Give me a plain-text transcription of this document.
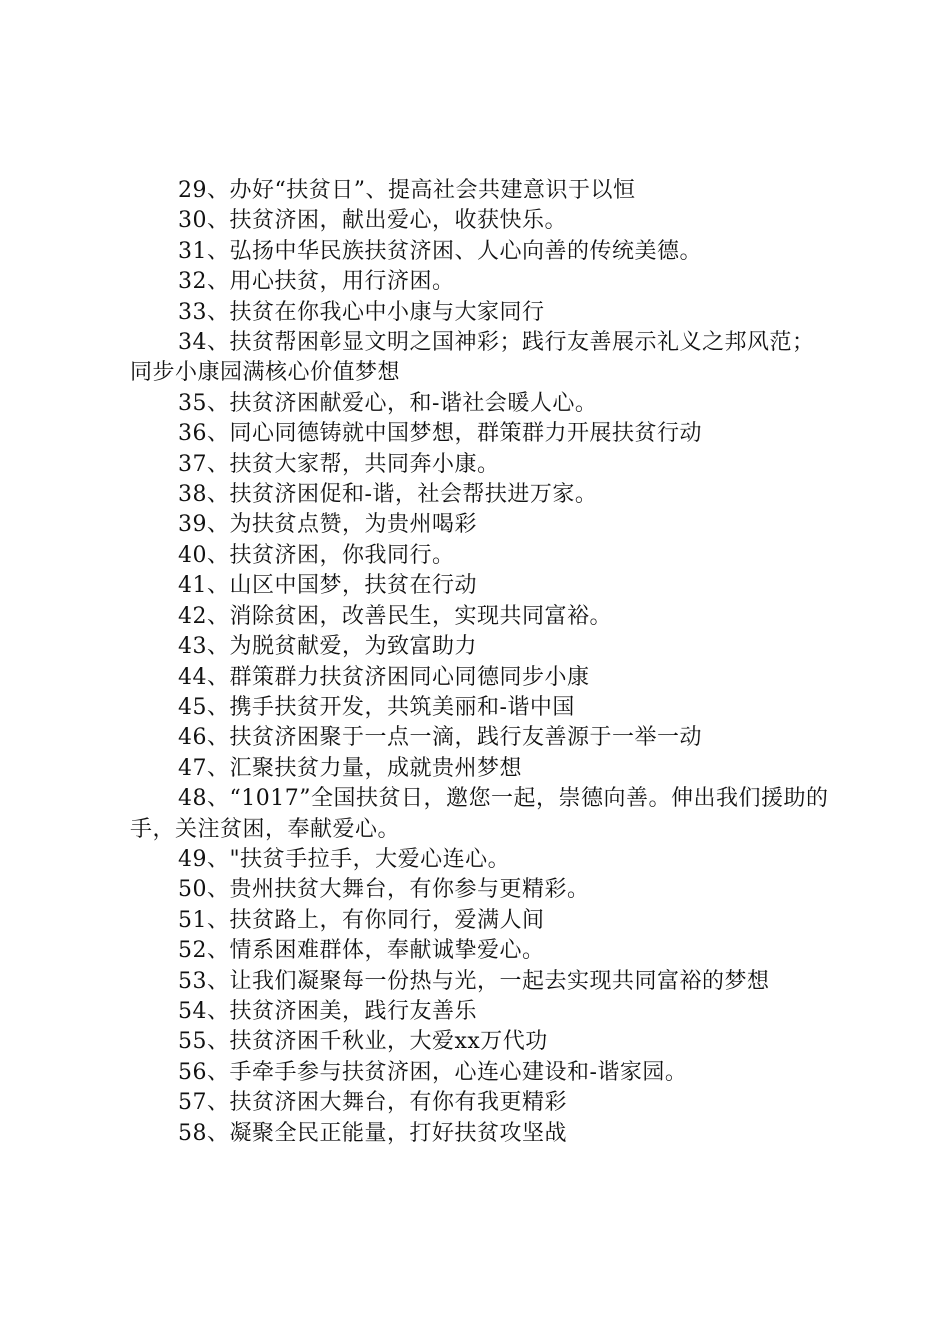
29、办好“扶贫日”、提高社会共建意识于以恒

30、扶贫济困，献出爱心，收获快乐。

31、弘扬中华民族扶贫济困、人心向善的传统美德。

32、用心扶贫，用行济困。

33、扶贫在你我心中小康与大家同行

34、扶贫帮困彰显文明之国神彩；践行友善展示礼义之邦风范；同步小康园满核心价值梦想

35、扶贫济困献爱心，和-谐社会暖人心。

36、同心同德铸就中国梦想，群策群力开展扶贫行动

37、扶贫大家帮，共同奔小康。

38、扶贫济困促和-谐，社会帮扶进万家。

39、为扶贫点赞，为贵州喝彩

40、扶贫济困，你我同行。

41、山区中国梦，扶贫在行动

42、消除贫困，改善民生，实现共同富裕。

43、为脱贫献爱，为致富助力

44、群策群力扶贫济困同心同德同步小康

45、携手扶贫开发，共筑美丽和-谐中国

46、扶贫济困聚于一点一滴，践行友善源于一举一动

47、汇聚扶贫力量，成就贵州梦想

48、“1017”全国扶贫日，邀您一起，崇德向善。伸出我们援助的手，关注贫困，奉献爱心。

49、"扶贫手拉手，大爱心连心。

50、贵州扶贫大舞台，有你参与更精彩。

51、扶贫路上，有你同行，爱满人间

52、情系困难群体，奉献诚挚爱心。

53、让我们凝聚每一份热与光，一起去实现共同富裕的梦想

54、扶贫济困美，践行友善乐

55、扶贫济困千秋业，大爱xx万代功

56、手牵手参与扶贫济困，心连心建设和-谐家园。

57、扶贫济困大舞台，有你有我更精彩

58、凝聚全民正能量，打好扶贫攻坚战
